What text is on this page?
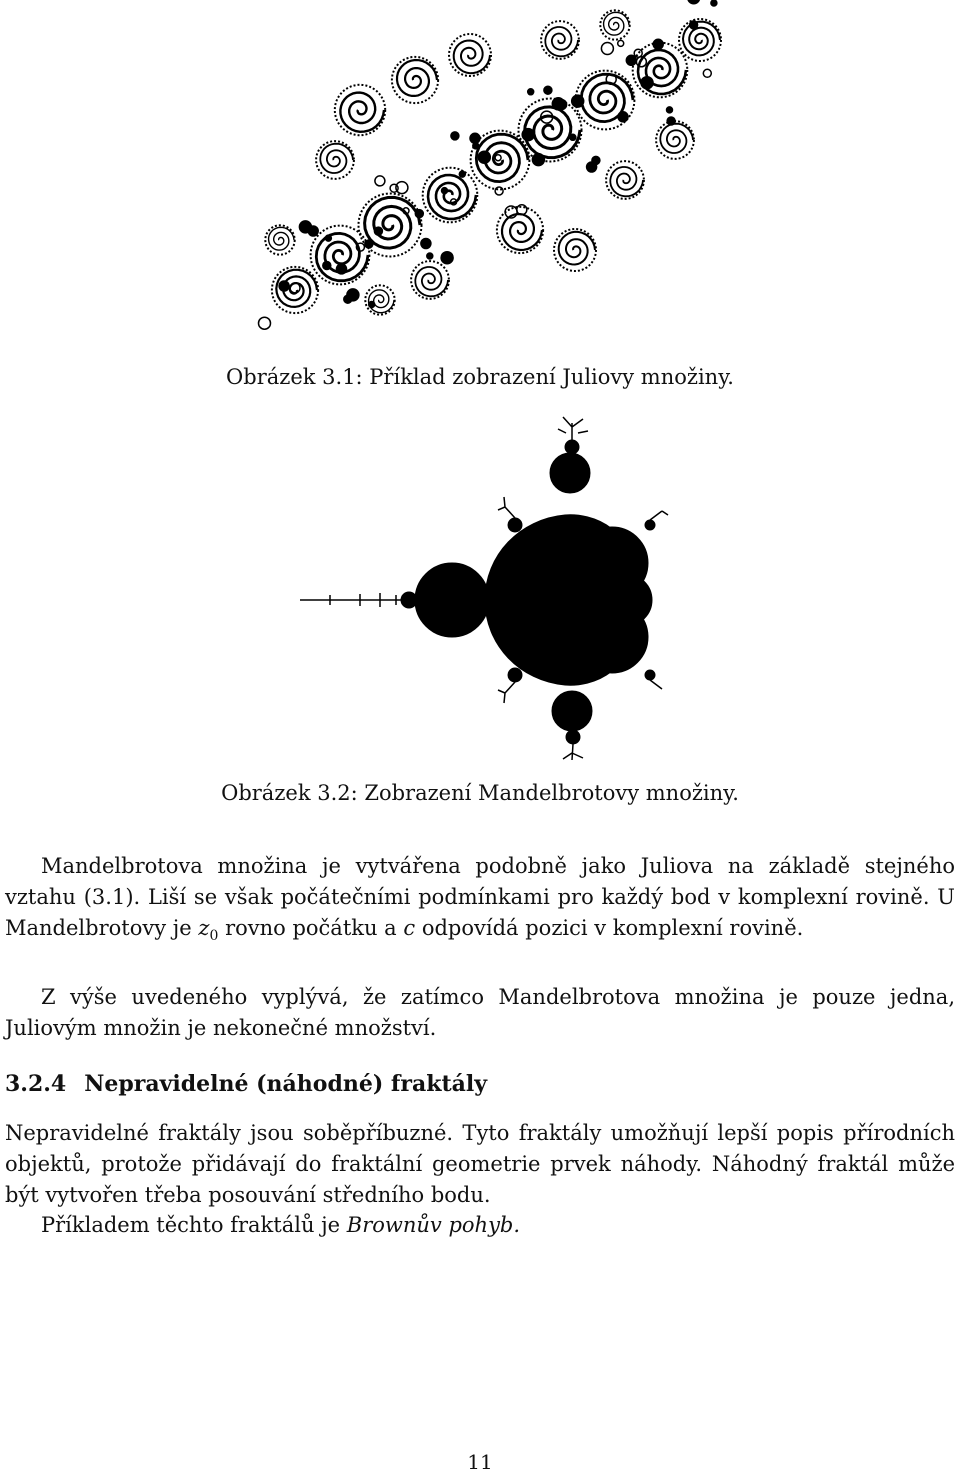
Obrázek 3.1: Příklad zobrazení Juliovy množiny.
Obrázek 3.2: Zobrazení Mandelbrotovy množiny.

Mandelbrotova množina je vytvářena podobně jako Juliova na základě stejného vztahu (3.1). Liší se však počátečními podmínkami pro každý bod v komplexní rovině. U Mandelbrotovy je $z_0$ rovno počátku a c odpovídá pozici v komplexní rovině.

Z výše uvedeného vyplývá, že zatímco Mandelbrotova množina je pouze jedna, Juliovým množin je nekonečné množství.

3.2.4 Nepravidelné (náhodné) fraktály

Nepravidelné fraktály jsou soběpříbuzné. Tyto fraktály umožňují lepší popis přírodních objektů, protože přidávají do fraktální geometrie prvek náhody. Náhodný fraktál může být vytvořen třeba posouvání středního bodu.

Příkladem těchto fraktálů je Brownův pohyb.

11
